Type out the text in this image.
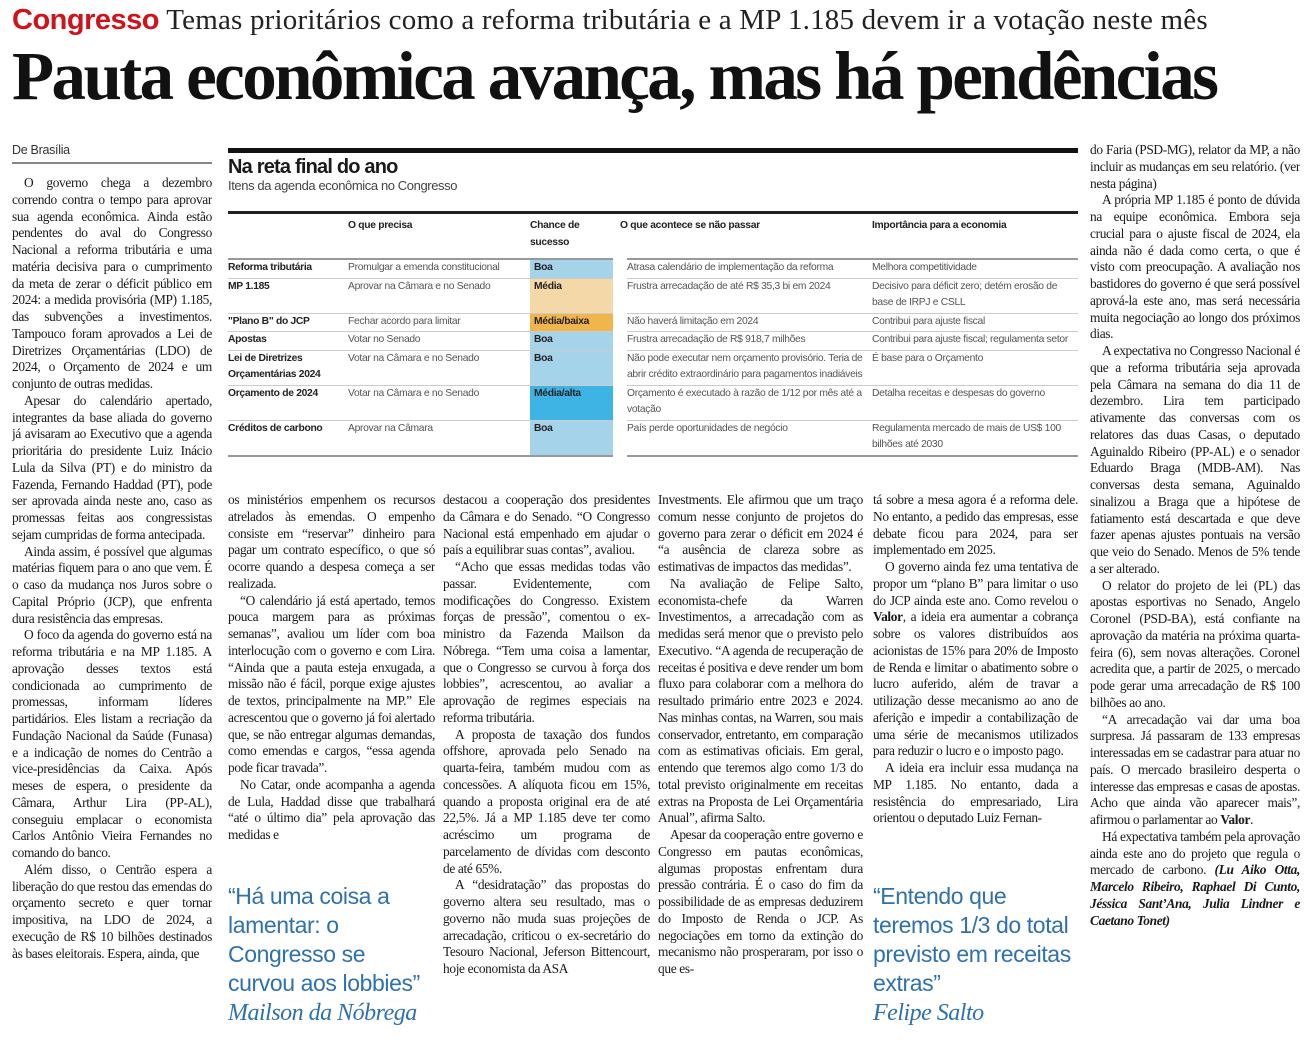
Congresso Temas prioritários como a reforma tributária e a MP 1.185 devem ir a votação neste mês
Pauta econômica avança, mas há pendências
De Brasília
Na reta final do ano
Itens da agenda econômica no Congresso
	O que precisa	Chance de sucesso	O que acontece se não passar	Importância para a economia
Reforma tributária	Promulgar a emenda constitucional	Boa	Atrasa calendário de implementação da reforma	Melhora competitividade
MP 1.185	Aprovar na Câmara e no Senado	Média	Frustra arrecadação de até R$ 35,3 bi em 2024	Decisivo para déficit zero; detém erosão de base de IRPJ e CSLL
"Plano B" do JCP	Fechar acordo para limitar	Média/baixa	Não haverá limitação em 2024	Contribui para ajuste fiscal
Apostas	Votar no Senado	Boa	Frustra arrecadação de R$ 918,7 milhões	Contribui para ajuste fiscal; regulamenta setor
Lei de Diretrizes Orçamentárias 2024	Votar na Câmara e no Senado	Boa	Não pode executar nem orçamento provisório. Teria de abrir crédito extraordinário para pagamentos inadiáveis	É base para o Orçamento
Orçamento de 2024	Votar na Câmara e no Senado	Média/alta	Orçamento é executado à razão de 1/12 por mês até a votação	Detalha receitas e despesas do governo
Créditos de carbono	Aprovar na Câmara	Boa	País perde oportunidades de negócio	Regulamenta mercado de mais de US$ 100 bilhões até 2030

O governo chega a dezembro correndo contra o tempo para aprovar sua agenda econômica. Ainda estão pendentes do aval do Congresso Nacional a reforma tributária e uma matéria decisiva para o cumprimento da meta de zerar o déficit público em 2024: a medida provisória (MP) 1.185, das subvenções a investimentos. Tampouco foram aprovados a Lei de Diretrizes Orçamentárias (LDO) de 2024, o Orçamento de 2024 e um conjunto de outras medidas.

Apesar do calendário apertado, integrantes da base aliada do governo já avisaram ao Executivo que a agenda prioritária do presidente Luiz Inácio Lula da Silva (PT) e do ministro da Fazenda, Fernando Haddad (PT), pode ser aprovada ainda neste ano, caso as promessas feitas aos congressistas sejam cumpridas de forma antecipada.

Ainda assim, é possível que algumas matérias fiquem para o ano que vem. É o caso da mudança nos Juros sobre o Capital Próprio (JCP), que enfrenta dura resistência das empresas.

O foco da agenda do governo está na reforma tributária e na MP 1.185. A aprovação desses textos está condicionada ao cumprimento de promessas, informam líderes partidários. Eles listam a recriação da Fundação Nacional da Saúde (Funasa) e a indicação de nomes do Centrão a vice-presidências da Caixa. Após meses de espera, o presidente da Câmara, Arthur Lira (PP-AL), conseguiu emplacar o economista Carlos Antônio Vieira Fernandes no comando do banco.

Além disso, o Centrão espera a liberação do que restou das emendas do orçamento secreto e quer tornar impositiva, na LDO de 2024, a execução de R$ 10 bilhões destinados às bases eleitorais. Espera, ainda, que

os ministérios empenhem os recursos atrelados às emendas. O empenho consiste em “reservar” dinheiro para pagar um contrato específico, o que só ocorre quando a despesa começa a ser realizada.

“O calendário já está apertado, temos pouca margem para as próximas semanas”, avaliou um líder com boa interlocução com o governo e com Lira. “Ainda que a pauta esteja enxugada, a missão não é fácil, porque exige ajustes de textos, principalmente na MP.” Ele acrescentou que o governo já foi alertado que, se não entregar algumas demandas, como emendas e cargos, “essa agenda pode ficar travada”.

No Catar, onde acompanha a agenda de Lula, Haddad disse que trabalhará “até o último dia” pela aprovação das medidas e

destacou a cooperação dos presidentes da Câmara e do Senado. “O Congresso Nacional está empenhado em ajudar o país a equilibrar suas contas”, avaliou.

“Acho que essas medidas todas vão passar. Evidentemente, com modificações do Congresso. Existem forças de pressão”, comentou o ex-ministro da Fazenda Mailson da Nóbrega. “Tem uma coisa a lamentar, que o Congresso se curvou à força dos lobbies”, acrescentou, ao avaliar a aprovação de regimes especiais na reforma tributária.

A proposta de taxação dos fundos offshore, aprovada pelo Senado na quarta-feira, também mudou com as concessões. A alíquota ficou em 15%, quando a proposta original era de até 22,5%. Já a MP 1.185 deve ter como acréscimo um programa de parcelamento de dívidas com desconto de até 65%.

A “desidratação” das propostas do governo altera seu resultado, mas o governo não muda suas projeções de arrecadação, criticou o ex-secretário do Tesouro Nacional, Jeferson Bittencourt, hoje economista da ASA

Investments. Ele afirmou que um traço comum nesse conjunto de projetos do governo para zerar o déficit em 2024 é “a ausência de clareza sobre as estimativas de impactos das medidas”.

Na avaliação de Felipe Salto, economista-chefe da Warren Investimentos, a arrecadação com as medidas será menor que o previsto pelo Executivo. “A agenda de recuperação de receitas é positiva e deve render um bom fluxo para colaborar com a melhora do resultado primário entre 2023 e 2024. Nas minhas contas, na Warren, sou mais conservador, entretanto, em comparação com as estimativas oficiais. Em geral, entendo que teremos algo como 1/3 do total previsto originalmente em receitas extras na Proposta de Lei Orçamentária Anual”, afirma Salto.

Apesar da cooperação entre governo e Congresso em pautas econômicas, algumas propostas enfrentam dura pressão contrária. É o caso do fim da possibilidade de as empresas deduzirem do Imposto de Renda o JCP. As negociações em torno da extinção do mecanismo não prosperaram, por isso o que es-

tá sobre a mesa agora é a reforma dele. No entanto, a pedido das empresas, esse debate ficou para 2024, para ser implementado em 2025.

O governo ainda fez uma tentativa de propor um “plano B” para limitar o uso do JCP ainda este ano. Como revelou o Valor, a ideia era aumentar a cobrança sobre os valores distribuídos aos acionistas de 15% para 20% de Imposto de Renda e limitar o abatimento sobre o lucro auferido, além de travar a utilização desse mecanismo ao ano de aferição e impedir a contabilização de uma série de mecanismos utilizados para reduzir o lucro e o imposto pago.

A ideia era incluir essa mudança na MP 1.185. No entanto, dada a resistência do empresariado, Lira orientou o deputado Luiz Fernan-

do Faria (PSD-MG), relator da MP, a não incluir as mudanças em seu relatório. (ver nesta página)

A própria MP 1.185 é ponto de dúvida na equipe econômica. Embora seja crucial para o ajuste fiscal de 2024, ela ainda não é dada como certa, o que é visto com preocupação. A avaliação nos bastidores do governo é que será possível aprová-la este ano, mas será necessária muita negociação ao longo dos próximos dias.

A expectativa no Congresso Nacional é que a reforma tributária seja aprovada pela Câmara na semana do dia 11 de dezembro. Lira tem participado ativamente das conversas com os relatores das duas Casas, o deputado Aguinaldo Ribeiro (PP-AL) e o senador Eduardo Braga (MDB-AM). Nas conversas desta semana, Aguinaldo sinalizou a Braga que a hipótese de fatiamento está descartada e que deve fazer apenas ajustes pontuais na versão que veio do Senado. Menos de 5% tende a ser alterado.

O relator do projeto de lei (PL) das apostas esportivas no Senado, Angelo Coronel (PSD-BA), está confiante na aprovação da matéria na próxima quarta-feira (6), sem novas alterações. Coronel acredita que, a partir de 2025, o mercado pode gerar uma arrecadação de R$ 100 bilhões ao ano.

“A arrecadação vai dar uma boa surpresa. Já passaram de 133 empresas interessadas em se cadastrar para atuar no país. O mercado brasileiro desperta o interesse das empresas e casas de apostas. Acho que ainda vão aparecer mais”, afirmou o parlamentar ao Valor.

Há expectativa também pela aprovação ainda este ano do projeto que regula o mercado de carbono. (Lu Aiko Otta, Marcelo Ribeiro, Raphael Di Cunto, Jéssica Sant’Ana, Julia Lindner e Caetano Tonet)

“Há uma coisa a lamentar: o Congresso se curvou aos lobbies”
Mailson da Nóbrega
“Entendo que teremos 1/3 do total previsto em receitas extras”
Felipe Salto
